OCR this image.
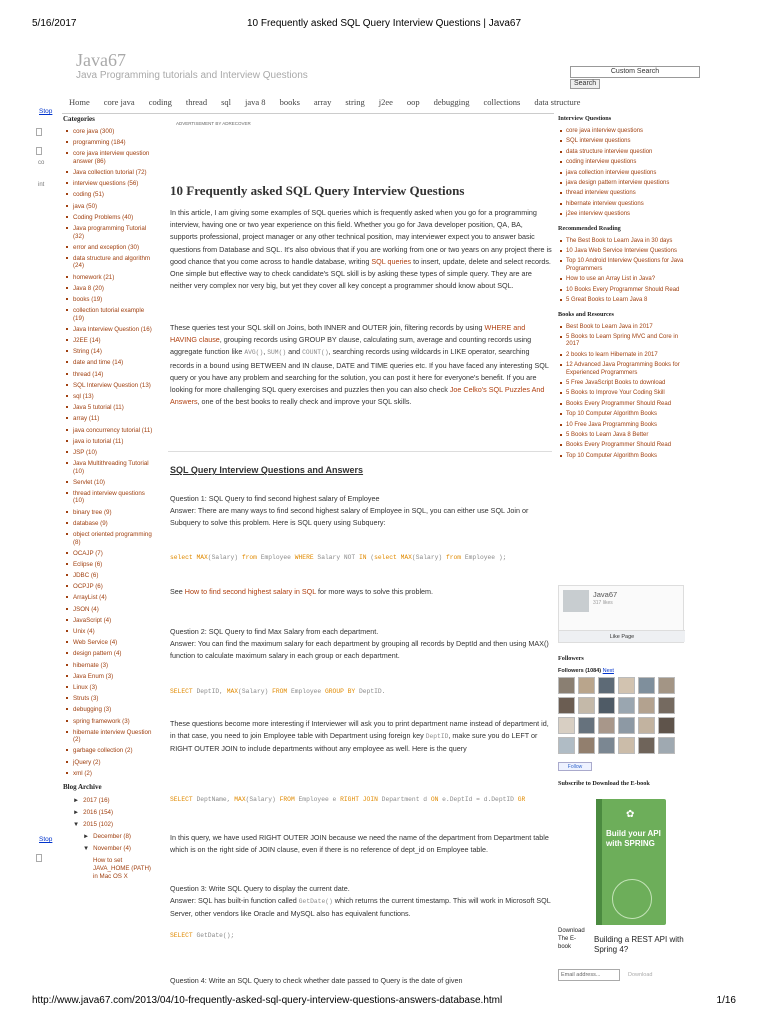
5/16/2017	10 Frequently asked SQL Query Interview Questions | Java67
Java67
Java Programming tutorials and Interview Questions	Custom Search
Search
Home	core java	coding	thread	sql	java 8	books	array	string	j2ee	oop	debugging	collections	data structure
Stop
co
int
Stop
Categories
core java (300)
programming (184)
core java interview question answer (86)
Java collection tutorial (72)
interview questions (56)
coding (51)
java (50)
Coding Problems (40)
Java programming Tutorial (32)
error and exception (30)
data structure and algorithm (24)
homework (21)
Java 8 (20)
books (19)
collection tutorial example (19)
Java Interview Question (16)
J2EE (14)
String (14)
date and time (14)
thread (14)
SQL Interview Question (13)
sql (13)
Java 5 tutorial (11)
array (11)
java concurrency tutorial (11)
java io tutorial (11)
JSP (10)
Java Multithreading Tutorial (10)
Servlet (10)
thread interview questions (10)
binary tree (9)
database (9)
object oriented programming (8)
OCAJP (7)
Eclipse (6)
JDBC (6)
OCPJP (6)
ArrayList (4)
JSON (4)
JavaScript (4)
Unix (4)
Web Service (4)
design pattern (4)
hibernate (3)
Java Enum (3)
Linux (3)
Struts (3)
debugging (3)
spring framework (3)
hibernate interview Question (2)
garbage collection (2)
jQuery (2)
xml (2)
Blog Archive
► 2017 (16)
► 2016 (154)
▼ 2015 (102)
► December (8)
▼ November (4)
How to set JAVA_HOME (PATH) in Mac OS X
ADVERTISEMENT BY ADRECOVER
10 Frequently asked SQL Query Interview Questions

In this article, I am giving some examples of SQL queries which is frequently asked when you go for a programming interview, having one or two year experience on this field. Whether you go for Java developer position, QA, BA, supports professional, project manager or any other technical position, may interviewer expect you to answer basic questions from Database and SQL. It's also obvious that if you are working from one or two years on any project there is good chance that you come across to handle database, writing SQL queries to insert, update, delete and select records. One simple but effective way to check candidate's SQL skill is by asking these types of simple query. They are are neither very complex nor very big, but yet they cover all key concept a programmer should know about SQL.

These queries test your SQL skill on Joins, both INNER and OUTER join, filtering records by using WHERE and HAVING clause, grouping records using GROUP BY clause, calculating sum, average and counting records using aggregate function like AVG(), SUM() and COUNT(), searching records using wildcards in LIKE operator, searching records in a bound using BETWEEN and IN clause, DATE and TIME queries etc. If you have faced any interesting SQL query or you have any problem and searching for the solution, you can post it here for everyone's benefit. If you are looking for more challenging SQL query exercises and puzzles then you can also check Joe Celko's SQL Puzzles And Answers, one of the best books to really check and improve your SQL skills.

SQL Query Interview Questions and Answers

Question 1: SQL Query to find second highest salary of Employee
Answer: There are many ways to find second highest salary of Employee in SQL, you can either use SQL Join or Subquery to solve this problem. Here is SQL query using Subquery:

select MAX(Salary) from Employee WHERE Salary NOT IN (select MAX(Salary) from Employee );

See How to find second highest salary in SQL for more ways to solve this problem.

Question 2: SQL Query to find Max Salary from each department.
Answer: You can find the maximum salary for each department by grouping all records by DeptId and then using MAX() function to calculate maximum salary in each group or each department.

SELECT DeptID, MAX(Salary) FROM Employee GROUP BY DeptID.

These questions become more interesting if Interviewer will ask you to print department name instead of department id, in that case, you need to join Employee table with Department using foreign key DeptID, make sure you do LEFT or RIGHT OUTER JOIN to include departments without any employee as well. Here is the query

SELECT DeptName, MAX(Salary) FROM Employee e RIGHT JOIN Department d ON e.DeptId = d.DeptID GR

In this query, we have used RIGHT OUTER JOIN because we need the name of the department from Department table which is on the right side of JOIN clause, even if there is no reference of dept_id on Employee table.

Question 3: Write SQL Query to display the current date.
Answer: SQL has built-in function called GetDate() which returns the current timestamp. This will work in Microsoft SQL Server, other vendors like Oracle and MySQL also has equivalent functions.

SELECT GetDate();

Question 4: Write an SQL Query to check whether date passed to Query is the date of given

Interview Questions
core java interview questions
SQL interview questions
data structure interview question
coding interview questions
java collection interview questions
java design pattern interview questions
thread interview questions
hibernate interview questions
j2ee interview questions
Recommended Reading
The Best Book to Learn Java in 30 days
10 Java Web Service Interview Questions
Top 10 Android Interview Questions for Java Programmers
How to use an Array List in Java?
10 Books Every Programmer Should Read
5 Great Books to Learn Java 8
Books and Resources
Best Book to Learn Java in 2017
5 Books to Learn Spring MVC and Core in 2017
2 books to learn Hibernate in 2017
12 Advanced Java Programming Books for Experienced Programmers
5 Free JavaScript Books to download
5 Books to Improve Your Coding Skill
Books Every Programmer Should Read
Top 10 Computer Algorithm Books
10 Free Java Programming Books
5 Books to Learn Java 8 Better
Books Every Programmer Should Read
Top 10 Computer Algorithm Books
Java67
317 likes
Like Page
Followers
Followers (1084) Next
Follow
Subscribe to Download the E-book
✿
Build your API with SPRING
Download The E-book
Building a REST API with Spring 4?
Email address...	Download
http://www.java67.com/2013/04/10-frequently-asked-sql-query-interview-questions-answers-database.html	1/16
